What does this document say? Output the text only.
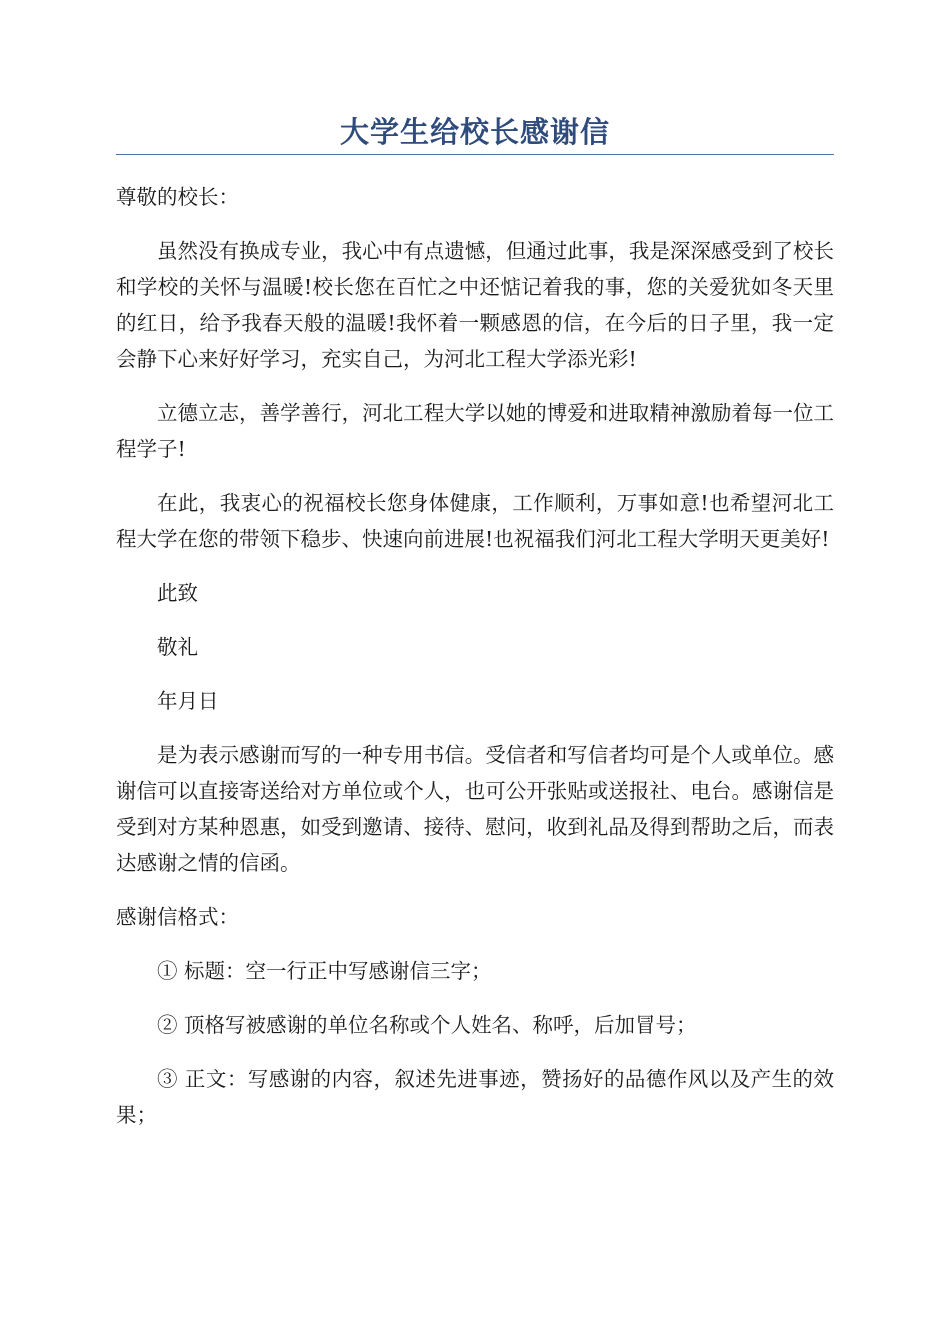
大学生给校长感谢信

尊敬的校长：

虽然没有换成专业，我心中有点遗憾，但通过此事，我是深深感受到了校长和学校的关怀与温暖!校长您在百忙之中还惦记着我的事，您的关爱犹如冬天里的红日，给予我春天般的温暖!我怀着一颗感恩的信，在今后的日子里，我一定会静下心来好好学习，充实自己，为河北工程大学添光彩!

立德立志，善学善行，河北工程大学以她的博爱和进取精神激励着每一位工程学子!

在此，我衷心的祝福校长您身体健康，工作顺利，万事如意!也希望河北工程大学在您的带领下稳步、快速向前进展!也祝福我们河北工程大学明天更美好!

此致

敬礼

年月日

是为表示感谢而写的一种专用书信。受信者和写信者均可是个人或单位。感谢信可以直接寄送给对方单位或个人，也可公开张贴或送报社、电台。感谢信是受到对方某种恩惠，如受到邀请、接待、慰问，收到礼品及得到帮助之后，而表达感谢之情的信函。

感谢信格式：

① 标题：空一行正中写感谢信三字；

② 顶格写被感谢的单位名称或个人姓名、称呼，后加冒号；

③ 正文：写感谢的内容，叙述先进事迹，赞扬好的品德作风以及产生的效果；
